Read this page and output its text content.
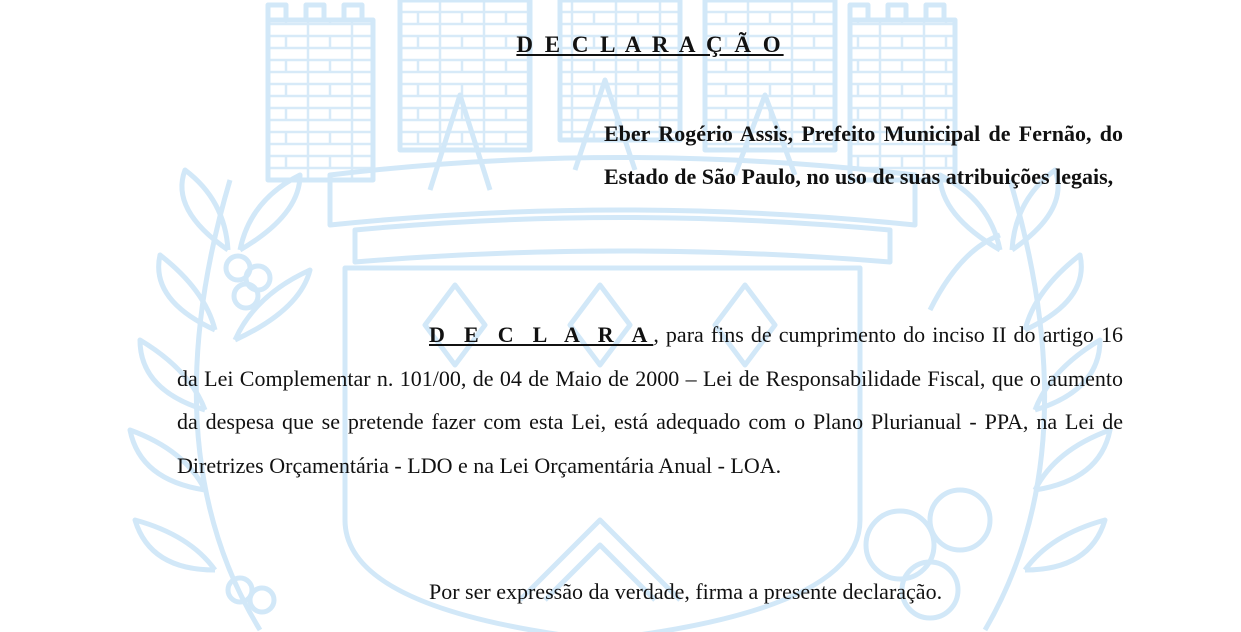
D E C L A R A Ç Ã O
Eber Rogério Assis, Prefeito Municipal de Fernão, do Estado de São Paulo, no uso de suas atribuições legais,
D E C L A R A, para fins de cumprimento do inciso II do artigo 16 da Lei Complementar n. 101/00, de 04 de Maio de 2000 – Lei de Responsabilidade Fiscal, que o aumento da despesa que se pretende fazer com esta Lei, está adequado com o Plano Plurianual - PPA, na Lei de Diretrizes Orçamentária - LDO e na Lei Orçamentária Anual - LOA.
Por ser expressão da verdade, firma a presente declaração.
